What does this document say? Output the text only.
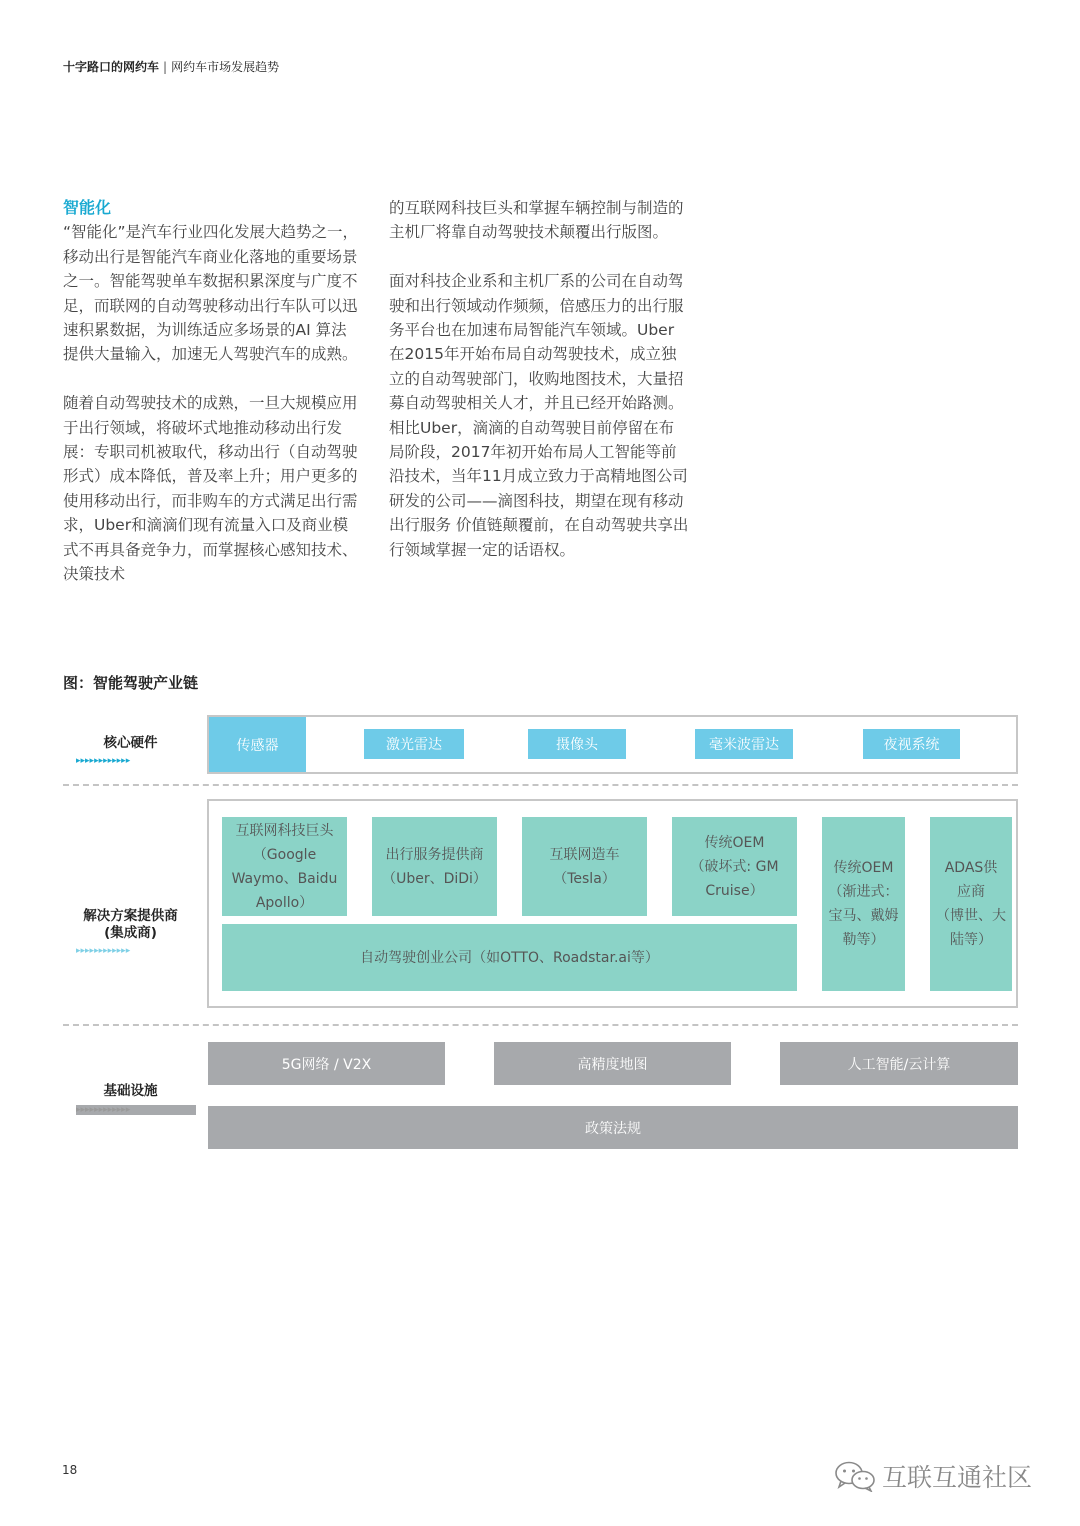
十字路口的网约车 | 网约车市场发展趋势

智能化

“智能化”是汽车行业四化发展大趋势之一，移动出行是智能汽车商业化落地的重要场景之一。智能驾驶单车数据积累深度与广度不足，而联网的自动驾驶移动出行车队可以迅速积累数据，为训练适应多场景的AI 算法提供大量输入，加速无人驾驶汽车的成熟。

随着自动驾驶技术的成熟，一旦大规模应用于出行领域，将破坏式地推动移动出行发展：专职司机被取代，移动出行（自动驾驶形式）成本降低，普及率上升；用户更多的使用移动出行，而非购车的方式满足出行需求，Uber和滴滴们现有流量入口及商业模式不再具备竞争力，而掌握核心感知技术、决策技术

的互联网科技巨头和掌握车辆控制与制造的主机厂将靠自动驾驶技术颠覆出行版图。

面对科技企业系和主机厂系的公司在自动驾驶和出行领域动作频频，倍感压力的出行服务平台也在加速布局智能汽车领域。Uber在2015年开始布局自动驾驶技术，成立独立的自动驾驶部门，收购地图技术，大量招募自动驾驶相关人才，并且已经开始路测。相比Uber，滴滴的自动驾驶目前停留在布局阶段，2017年初开始布局人工智能等前沿技术，当年11月成立致力于高精地图公司研发的公司——滴图科技，期望在现有移动出行服务 价值链颠覆前，在自动驾驶共享出行领域掌握一定的话语权。

图：智能驾驶产业链
核心硬件
▸▸▸▸▸▸▸▸▸▸▸▸
传感器	激光雷达	摄像头	毫米波雷达	夜视系统
解决方案提供商
(集成商)
▸▸▸▸▸▸▸▸▸▸▸▸
互联网科技巨头
（Google
Waymo、Baidu
Apollo）
出行服务提供商
（Uber、DiDi）
互联网造车
（Tesla）
传统OEM
（破坏式: GM
Cruise）
传统OEM
（渐进式：
宝马、戴姆
勒等）
ADAS供
应商
（博世、大
陆等）
自动驾驶创业公司（如OTTO、Roadstar.ai等）
基础设施
▸▸▸▸▸▸▸▸▸▸▸▸
5G网络 / V2X	高精度地图	人工智能/云计算
政策法规
18	互联互通社区
